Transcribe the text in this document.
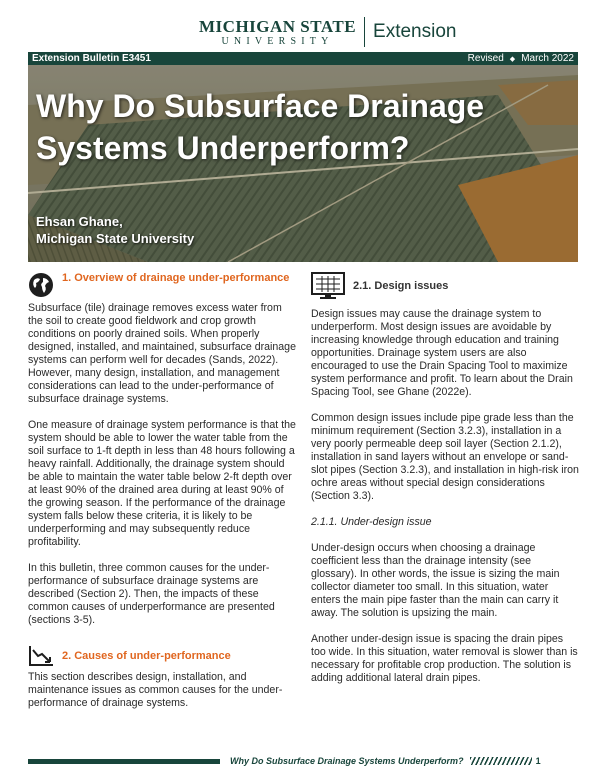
MICHIGAN STATE
UNIVERSITY Extension
Extension Bulletin E3451	Revised ◆ March 2022
Why Do Subsurface Drainage Systems Underperform?
Ehsan Ghane,
Michigan State University
1. Overview of drainage under-performance

Subsurface (tile) drainage removes excess water from the soil to create good fieldwork and crop growth conditions on poorly drained soils. When properly designed, installed, and maintained, subsurface drainage systems can perform well for decades (Sands, 2022). However, many design, installation, and management considerations can lead to the under-performance of subsurface drainage systems.

One measure of drainage system performance is that the system should be able to lower the water table from the soil surface to 1-ft depth in less than 48 hours following a heavy rainfall. Additionally, the drainage system should be able to maintain the water table below 2-ft depth over at least 90% of the drained area during at least 90% of the growing season. If the performance of the drainage system falls below these criteria, it is likely to be underperforming and may subsequently reduce profitability.

In this bulletin, three common causes for the under-performance of subsurface drainage systems are described (Section 2). Then, the impacts of these common causes of underperformance are presented (sections 3-5).

2. Causes of under-performance

This section describes design, installation, and maintenance issues as common causes for the under-performance of drainage systems.

2.1. Design issues

Design issues may cause the drainage system to underperform. Most design issues are avoidable by increasing knowledge through education and training opportunities. Drainage system users are also encouraged to use the Drain Spacing Tool to maximize system performance and profit. To learn about the Drain Spacing Tool, see Ghane (2022e).

Common design issues include pipe grade less than the minimum requirement (Section 3.2.3), installation in a very poorly permeable deep soil layer (Section 2.1.2), installation in sand layers without an envelope or sand-slot pipes (Section 3.2.3), and installation in high-risk iron ochre areas without special design considerations (Section 3.3).

2.1.1. Under-design issue

Under-design occurs when choosing a drainage coefficient less than the drainage intensity (see glossary). In other words, the issue is sizing the main collector diameter too small. In this situation, water enters the main pipe faster than the main can carry it away. The solution is upsizing the main.

Another under-design issue is spacing the drain pipes too wide. In this situation, water removal is slower than is necessary for profitable crop production. The solution is adding additional lateral drain pipes.

Why Do Subsurface Drainage Systems Underperform?	1
